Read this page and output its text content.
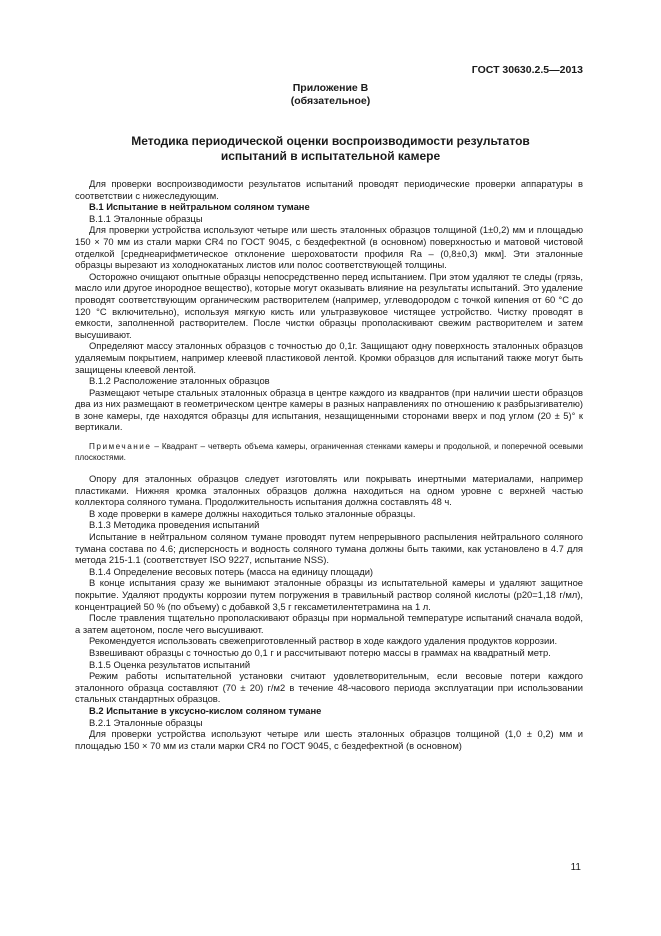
ГОСТ 30630.2.5—2013
Приложение В
(обязательное)
Методика периодической оценки воспроизводимости результатов
испытаний в испытательной камере

Для проверки воспроизводимости результатов испытаний проводят периодические проверки аппаратуры в соответствии с нижеследующим.

В.1 Испытание в нейтральном соляном тумане

В.1.1 Эталонные образцы

Для проверки устройства используют четыре или шесть эталонных образцов толщиной (1±0,2) мм и площадью 150 × 70 мм из стали марки CR4 по ГОСТ 9045, с бездефектной (в основном) поверхностью и матовой чистовой отделкой [среднеарифметическое отклонение шероховатости профиля Ra – (0,8±0,3) мкм]. Эти эталонные образцы вырезают из холоднокатаных листов или полос соответствующей толщины.

Осторожно очищают опытные образцы непосредственно перед испытанием. При этом удаляют те следы (грязь, масло или другое инородное вещество), которые могут оказывать влияние на результаты испытаний. Это удаление проводят соответствующим органическим растворителем (например, углеводородом с точкой кипения от 60 °С до 120 °С включительно), используя мягкую кисть или ультразвуковое чистящее устройство. Чистку проводят в емкости, заполненной растворителем. После чистки образцы прополаскивают свежим растворителем и затем высушивают.

Определяют массу эталонных образцов с точностью до 0,1г. Защищают одну поверхность эталонных образцов удаляемым покрытием, например клеевой пластиковой лентой. Кромки образцов для испытаний также могут быть защищены клеевой лентой.

В.1.2 Расположение эталонных образцов

Размещают четыре стальных эталонных образца в центре каждого из квадрантов (при наличии шести образцов два из них размещают в геометрическом центре камеры в разных направлениях по отношению к разбрызгивателю) в зоне камеры, где находятся образцы для испытания, незащищенными сторонами вверх и под углом (20 ± 5)° к вертикали.

Примечание – Квадрант – четверть объема камеры, ограниченная стенками камеры и продольной, и поперечной осевыми плоскостями.

Опору для эталонных образцов следует изготовлять или покрывать инертными материалами, например пластиками. Нижняя кромка эталонных образцов должна находиться на одном уровне с верхней частью коллектора соляного тумана. Продолжительность испытания должна составлять 48 ч.

В ходе проверки в камере должны находиться только эталонные образцы.

В.1.3 Методика проведения испытаний

Испытание в нейтральном соляном тумане проводят путем непрерывного распыления нейтрального соляного тумана состава по 4.6; дисперсность и водность соляного тумана должны быть такими, как установлено в 4.7 для метода 215-1.1 (соответствует ISO 9227, испытание NSS).

В.1.4 Определение весовых потерь (масса на единицу площади)

В конце испытания сразу же вынимают эталонные образцы из испытательной камеры и удаляют защитное покрытие. Удаляют продукты коррозии путем погружения в травильный раствор соляной кислоты (р20=1,18 г/мл), концентрацией 50 % (по объему) с добавкой 3,5 г гексаметилентетрамина на 1 л.

После травления тщательно прополаскивают образцы при нормальной температуре испытаний сначала водой, а затем ацетоном, после чего высушивают.

Рекомендуется использовать свежеприготовленный раствор в ходе каждого удаления продуктов коррозии.

Взвешивают образцы с точностью до 0,1 г и рассчитывают потерю массы в граммах на квадратный метр.

В.1.5 Оценка результатов испытаний

Режим работы испытательной установки считают удовлетворительным, если весовые потери каждого эталонного образца составляют (70 ± 20) г/м2 в течение 48-часового периода эксплуатации при использовании стальных стандартных образцов.

В.2 Испытание в уксусно-кислом соляном тумане

В.2.1 Эталонные образцы

Для проверки устройства используют четыре или шесть эталонных образцов толщиной (1,0 ± 0,2) мм и площадью 150 × 70 мм из стали марки CR4 по ГОСТ 9045, с бездефектной (в основном)

11
